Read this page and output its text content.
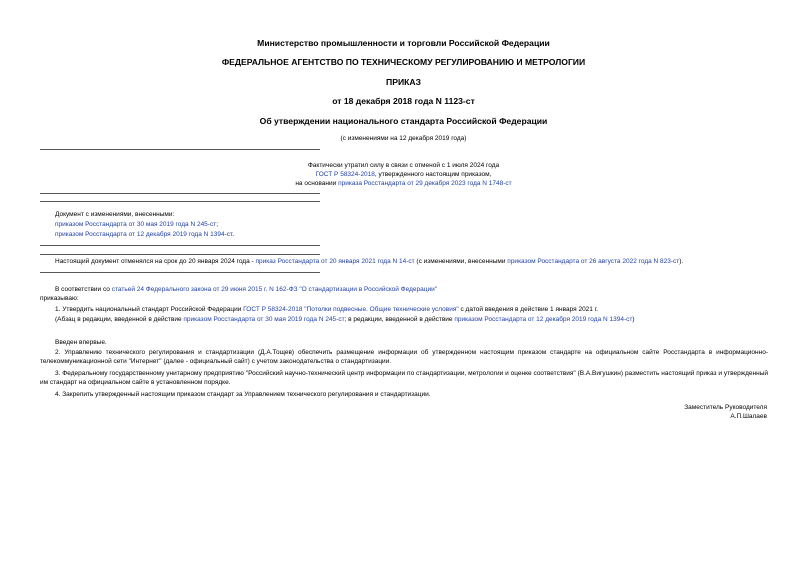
Министерство промышленности и торговли Российской Федерации
ФЕДЕРАЛЬНОЕ АГЕНТСТВО ПО ТЕХНИЧЕСКОМУ РЕГУЛИРОВАНИЮ И МЕТРОЛОГИИ
ПРИКАЗ
от 18 декабря 2018 года N 1123-ст
Об утверждении национального стандарта Российской Федерации
(с изменениями на 12 декабря 2019 года)
Фактически утратил силу в связи с отменой с 1 июля 2024 года
ГОСТ Р 58324-2018, утвержденного настоящим приказом,
на основании приказа Росстандарта от 29 декабря 2023 года N 1748-ст
Документ с изменениями, внесенными:
приказом Росстандарта от 30 мая 2019 года N 245-ст;
приказом Росстандарта от 12 декабря 2019 года N 1394-ст.
Настоящий документ отменялся на срок до 20 января 2024 года - приказ Росстандарта от 20 января 2021 года N 14-ст (с изменениями, внесенными приказом Росстандарта от 26 августа 2022 года N 823-ст).
В соответствии со статьей 24 Федерального закона от 29 июня 2015 г. N 162-ФЗ "О стандартизации в Российской Федерации"
приказываю:
1. Утвердить национальный стандарт Российской Федерации ГОСТ Р 58324-2018 "Потолки подвесные. Общие технические условия" с датой введения в действие 1 января 2021 г.
(Абзац в редакции, введенной в действие приказом Росстандарта от 30 мая 2019 года N 245-ст; в редакции, введенной в действие приказом Росстандарта от 12 декабря 2019 года N 1394-ст)
Введен впервые.
2. Управлению технического регулирования и стандартизации (Д.А.Тощев) обеспечить размещение информации об утвержденном настоящим приказом стандарте на официальном сайте Росстандарта в информационно-телекоммуникационной сети "Интернет" (далее - официальный сайт) с учетом законодательства о стандартизации.
3. Федеральному государственному унитарному предприятию "Российский научно-технический центр информации по стандартизации, метрологии и оценке соответствия" (В.А.Вигушкин) разместить настоящий приказ и утвержденный им стандарт на официальном сайте в установленном порядке.
4. Закрепить утвержденный настоящим приказом стандарт за Управлением технического регулирования и стандартизации.
Заместитель Руководителя
А.П.Шалаев
